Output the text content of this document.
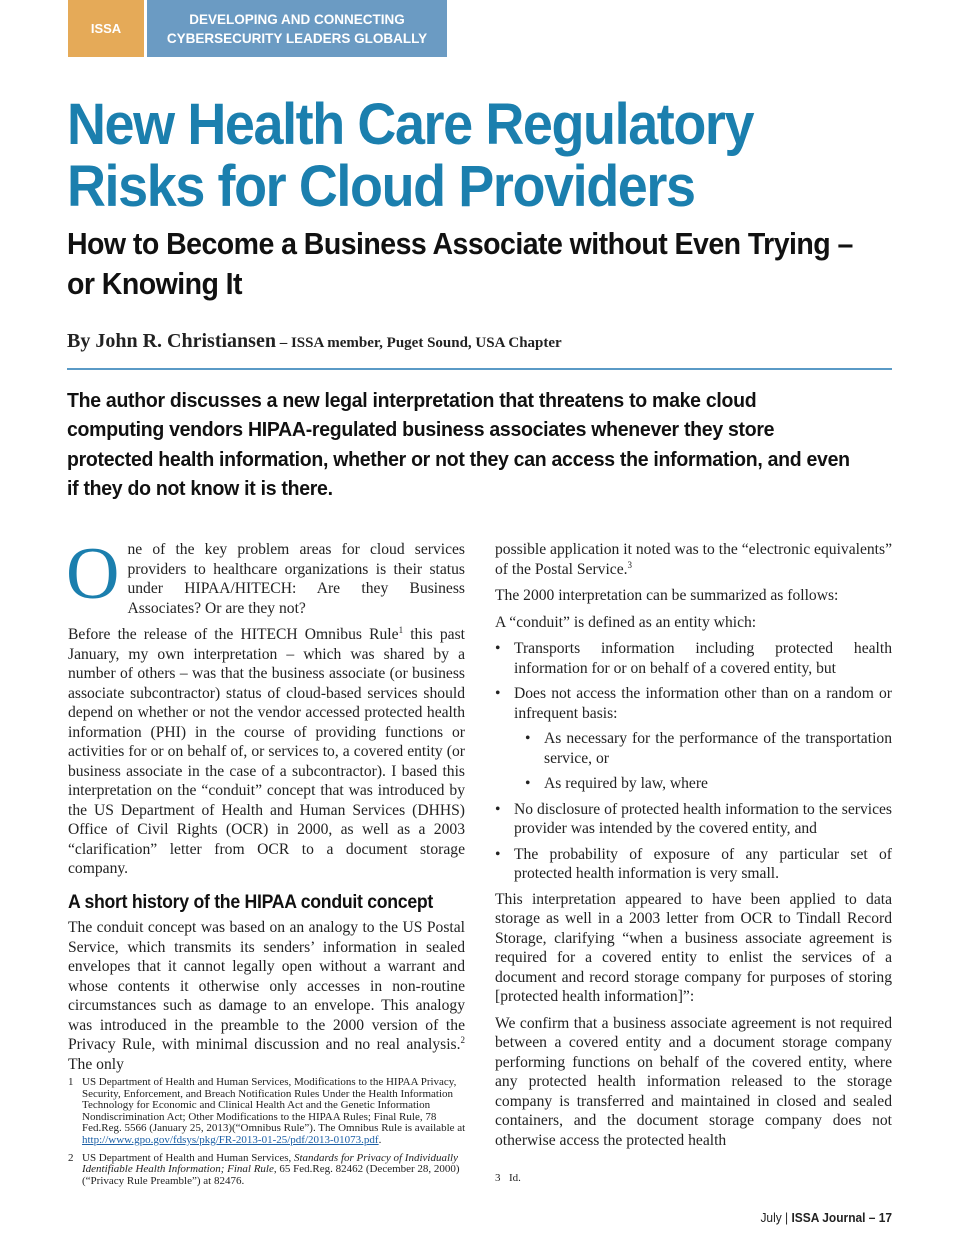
ISSA
DEVELOPING AND CONNECTING
CYBERSECURITY LEADERS GLOBALLY
New Health Care Regulatory
Risks for Cloud Providers
How to Become a Business Associate without Even Trying –
or Knowing It
By John R. Christiansen – ISSA member, Puget Sound, USA Chapter

The author discusses a new legal interpretation that threatens to make cloud computing vendors HIPAA-regulated business associates whenever they store protected health information, whether or not they can access the information, and even if they do not know it is there.

One of the key problem areas for cloud services providers to healthcare organizations is their status under HIPAA/HITECH: Are they Business Associates? Or are they not?

Before the release of the HITECH Omnibus Rule$^1$ this past January, my own interpretation – which was shared by a number of others – was that the business associate (or business associate subcontractor) status of cloud-based services should depend on whether or not the vendor accessed protected health information (PHI) in the course of providing functions or activities for or on behalf of, or services to, a covered entity (or business associate in the case of a subcontractor). I based this interpretation on the “conduit” concept that was introduced by the US Department of Health and Human Services (DHHS) Office of Civil Rights (OCR) in 2000, as well as a 2003 “clarification” letter from OCR to a document storage company.

A short history of the HIPAA conduit concept

The conduit concept was based on an analogy to the US Postal Service, which transmits its senders’ information in sealed envelopes that it cannot legally open without a warrant and whose contents it otherwise only accesses in non-routine circumstances such as damage to an envelope. This analogy was introduced in the preamble to the 2000 version of the Privacy Rule, with minimal discussion and no real analysis.$^2$ The only

possible application it noted was to the “electronic equivalents” of the Postal Service.$^3$

The 2000 interpretation can be summarized as follows:

A “conduit” is defined as an entity which:

• Transports information including protected health information for or on behalf of a covered entity, but
• Does not access the information other than on a random or infrequent basis:
• As necessary for the performance of the transportation service, or
• As required by law, where
• No disclosure of protected health information to the services provider was intended by the covered entity, and
• The probability of exposure of any particular set of protected health information is very small.

This interpretation appeared to have been applied to data storage as well in a 2003 letter from OCR to Tindall Record Storage, clarifying “when a business associate agreement is required for a covered entity to enlist the services of a document and record storage company for purposes of storing [protected health information]”:

We confirm that a business associate agreement is not required between a covered entity and a document storage company performing functions on behalf of the covered entity, where any protected health information released to the storage company is transferred and maintained in closed and sealed containers, and the document storage company does not otherwise access the protected health

1 US Department of Health and Human Services, Modifications to the HIPAA Privacy, Security, Enforcement, and Breach Notification Rules Under the Health Information Technology for Economic and Clinical Health Act and the Genetic Information Nondiscrimination Act; Other Modifications to the HIPAA Rules; Final Rule, 78 Fed.Reg. 5566 (January 25, 2013)(“Omnibus Rule”). The Omnibus Rule is available at http://www.gpo.gov/fdsys/pkg/FR-2013-01-25/pdf/2013-01073.pdf.
2 US Department of Health and Human Services, Standards for Privacy of Individually Identifiable Health Information; Final Rule, 65 Fed.Reg. 82462 (December 28, 2000) (“Privacy Rule Preamble”) at 82476.	3 Id.
July | ISSA Journal – 17
